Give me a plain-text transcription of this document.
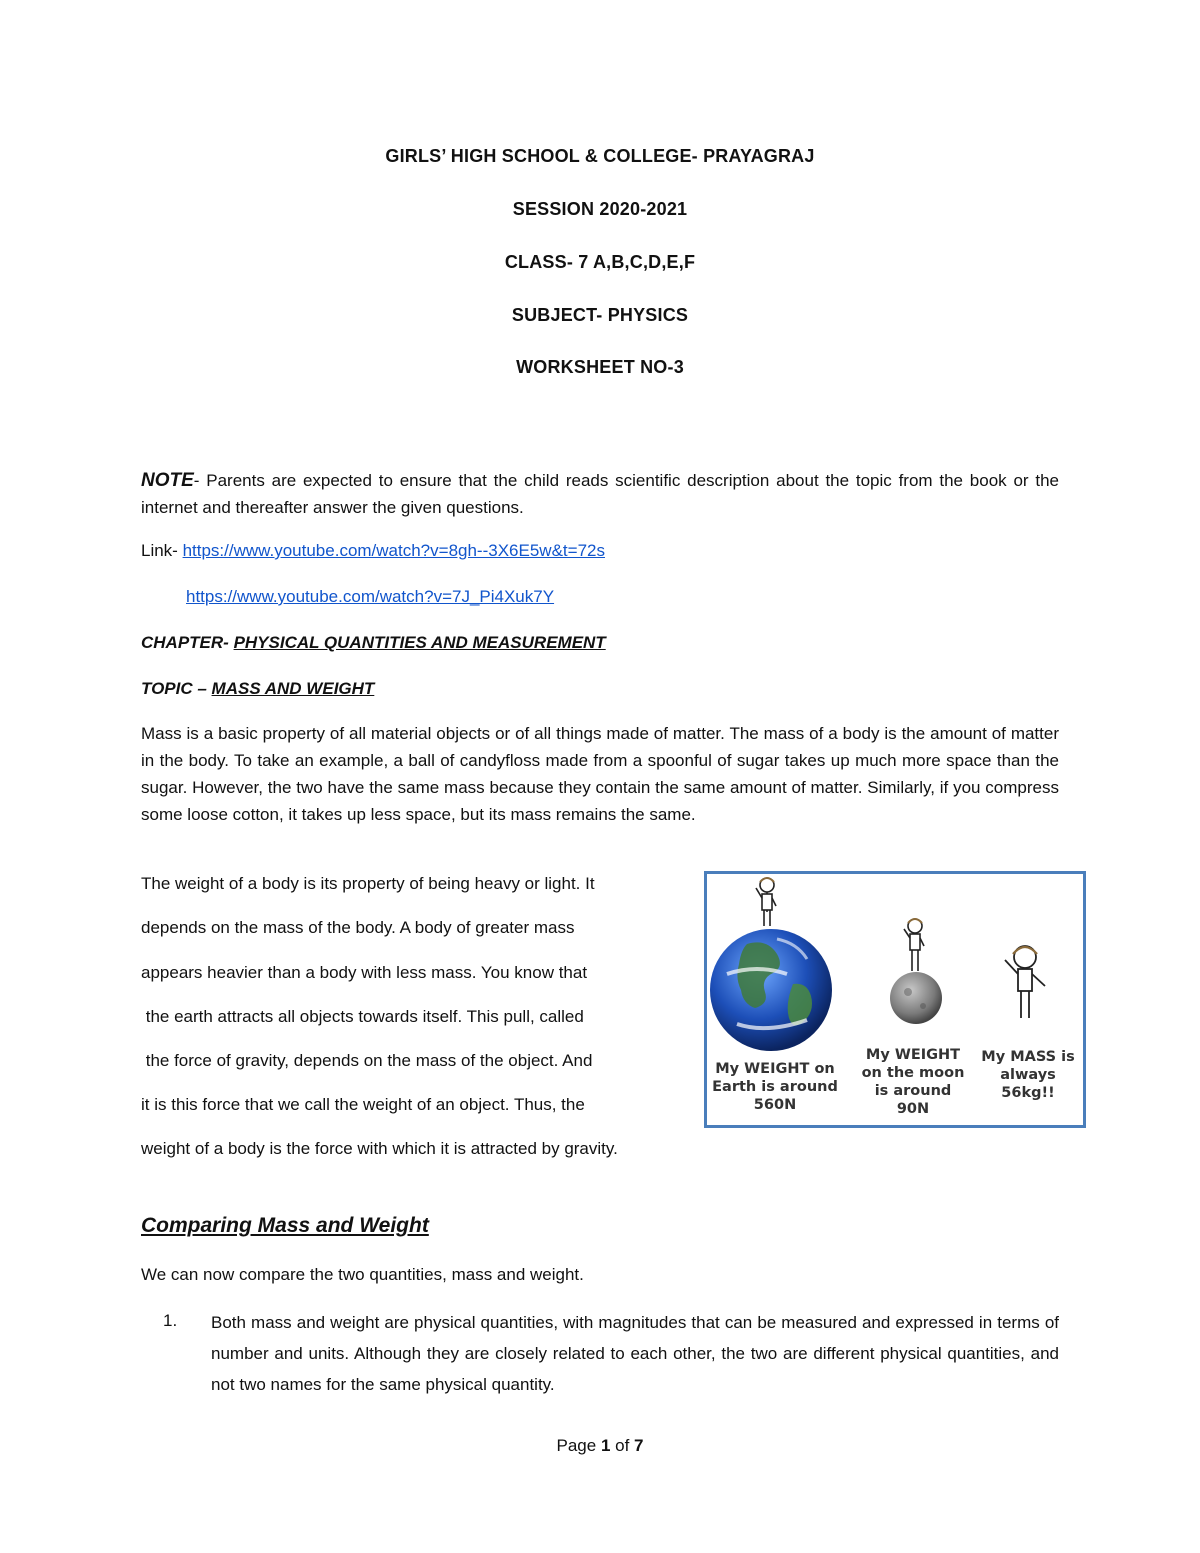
GIRLS’ HIGH SCHOOL & COLLEGE- PRAYAGRAJ
SESSION 2020-2021
CLASS- 7 A,B,C,D,E,F
SUBJECT- PHYSICS
WORKSHEET NO-3

NOTE- Parents are expected to ensure that the child reads scientific description about the topic from the book or the internet and thereafter answer the given questions.

Link- https://www.youtube.com/watch?v=8gh--3X6E5w&t=72s
https://www.youtube.com/watch?v=7J_Pi4Xuk7Y
CHAPTER- PHYSICAL QUANTITIES AND MEASUREMENT
TOPIC – MASS AND WEIGHT

Mass is a basic property of all material objects or of all things made of matter. The mass of a body is the amount of matter in the body. To take an example, a ball of candyfloss made from a spoonful of sugar takes up much more space than the sugar. However, the two have the same mass because they contain the same amount of matter. Similarly, if you compress some loose cotton, it takes up less space, but its mass remains the same.

The weight of a body is its property of being heavy or light. It
depends on the mass of the body. A body of greater mass
appears heavier than a body with less mass. You know that
the earth attracts all objects towards itself. This pull, called
the force of gravity, depends on the mass of the object. And
it is this force that we call the weight of an object. Thus, the
weight of a body is the force with which it is attracted by gravity.
My WEIGHT on
Earth is around
560N
My WEIGHT
on the moon
is around
90N
My MASS is
always 56kg!!
Comparing Mass and Weight
We can now compare the two quantities, mass and weight.
1. Both mass and weight are physical quantities, with magnitudes that can be measured and expressed in terms of number and units. Although they are closely related to each other, the two are different physical quantities, and not two names for the same physical quantity.

Page 1 of 7
